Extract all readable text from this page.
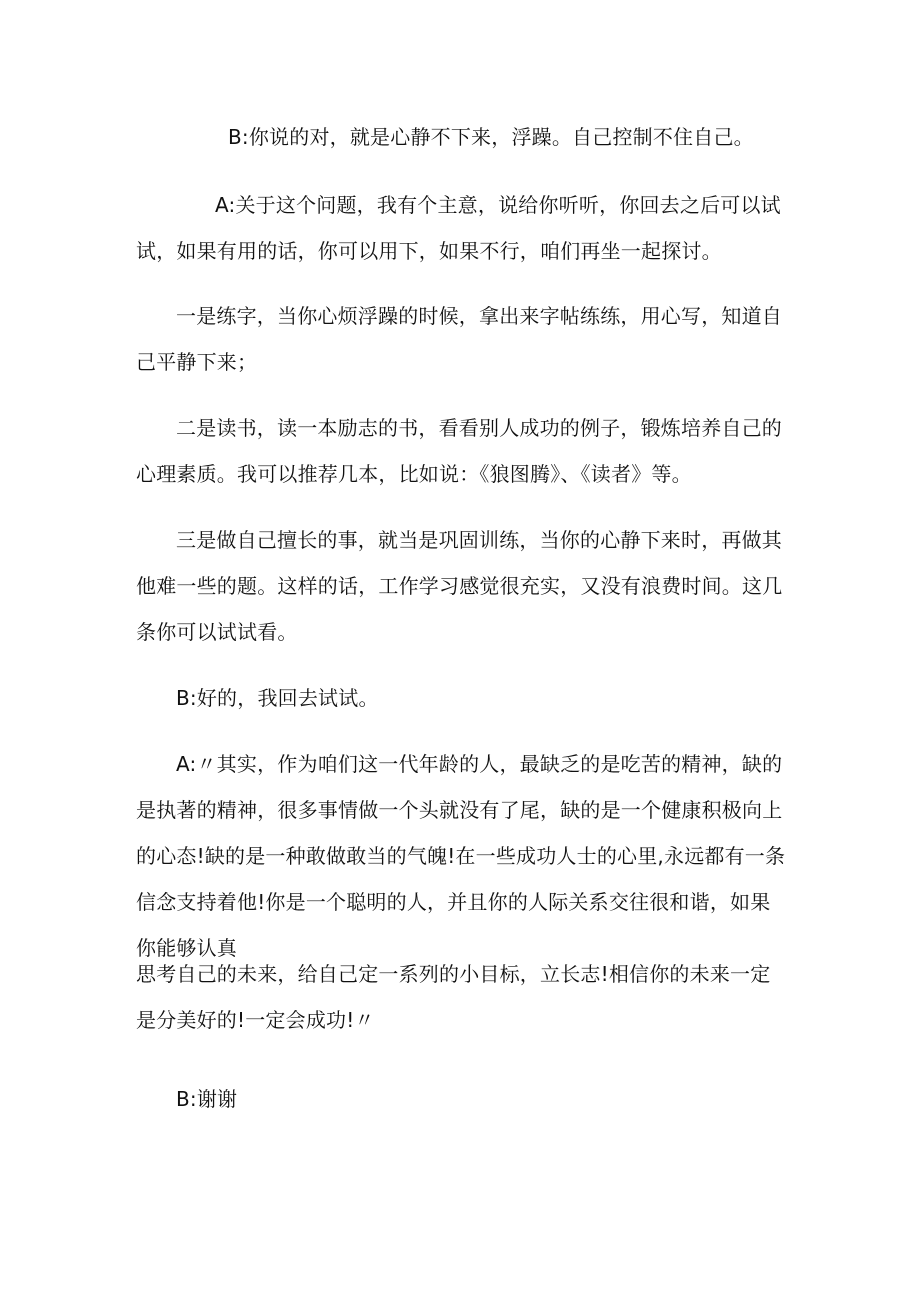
B:你说的对，就是心静不下来，浮躁。自己控制不住自己。

A:关于这个问题，我有个主意，说给你听听，你回去之后可以试试，如果有用的话，你可以用下，如果不行，咱们再坐一起探讨。

一是练字，当你心烦浮躁的时候，拿出来字帖练练，用心写，知道自己平静下来；

二是读书，读一本励志的书，看看别人成功的例子，锻炼培养自己的心理素质。我可以推荐几本，比如说：《狼图腾》、《读者》等。

三是做自己擅长的事，就当是巩固训练，当你的心静下来时，再做其他难一些的题。这样的话，工作学习感觉很充实，又没有浪费时间。这几条你可以试试看。

B:好的，我回去试试。

A:〃其实，作为咱们这一代年龄的人，最缺乏的是吃苦的精神，缺的是执著的精神，很多事情做一个头就没有了尾，缺的是一个健康积极向上的心态!缺的是一种敢做敢当的气魄!在一些成功人士的心里,永远都有一条信念支持着他!你是一个聪明的人，并且你的人际关系交往很和谐，如果你能够认真

思考自己的未来，给自己定一系列的小目标，立长志!相信你的未来一定是分美好的!一定会成功!〃

B:谢谢
